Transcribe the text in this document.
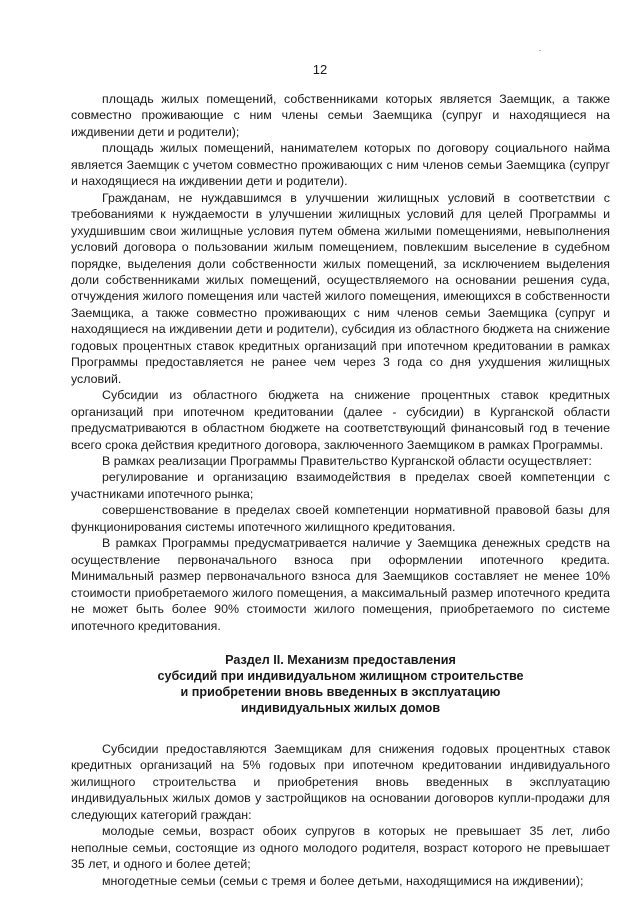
12

площадь жилых помещений, собственниками которых является Заемщик, а также совместно проживающие с ним члены семьи Заемщика (супруг и находящиеся на иждивении дети и родители);

площадь жилых помещений, нанимателем которых по договору социального найма является Заемщик с учетом совместно проживающих с ним членов семьи Заемщика (супруг и находящиеся на иждивении дети и родители).

Гражданам, не нуждавшимся в улучшении жилищных условий в соответствии с требованиями к нуждаемости в улучшении жилищных условий для целей Программы и ухудшившим свои жилищные условия путем обмена жилыми помещениями, невыполнения условий договора о пользовании жилым помещением, повлекшим выселение в судебном порядке, выделения доли собственности жилых помещений, за исключением выделения доли собственниками жилых помещений, осуществляемого на основании решения суда, отчуждения жилого помещения или частей жилого помещения, имеющихся в собственности Заемщика, а также совместно проживающих с ним членов семьи Заемщика (супруг и находящиеся на иждивении дети и родители), субсидия из областного бюджета на снижение годовых процентных ставок кредитных организаций при ипотечном кредитовании в рамках Программы предоставляется не ранее чем через 3 года со дня ухудшения жилищных условий.

Субсидии из областного бюджета на снижение процентных ставок кредитных организаций при ипотечном кредитовании (далее - субсидии) в Курганской области предусматриваются в областном бюджете на соответствующий финансовый год в течение всего срока действия кредитного договора, заключенного Заемщиком в рамках Программы.

В рамках реализации Программы Правительство Курганской области осуществляет:

регулирование и организацию взаимодействия в пределах своей компетенции с участниками ипотечного рынка;

совершенствование в пределах своей компетенции нормативной правовой базы для функционирования системы ипотечного жилищного кредитования.

В рамках Программы предусматривается наличие у Заемщика денежных средств на осуществление первоначального взноса при оформлении ипотечного кредита. Минимальный размер первоначального взноса для Заемщиков составляет не менее 10% стоимости приобретаемого жилого помещения, а максимальный размер ипотечного кредита не может быть более 90% стоимости жилого помещения, приобретаемого по системе ипотечного кредитования.

Раздел II. Механизм предоставления
субсидий при индивидуальном жилищном строительстве
и приобретении вновь введенных в эксплуатацию
индивидуальных жилых домов

Субсидии предоставляются Заемщикам для снижения годовых процентных ставок кредитных организаций на 5% годовых при ипотечном кредитовании индивидуального жилищного строительства и приобретения вновь введенных в эксплуатацию индивидуальных жилых домов у застройщиков на основании договоров купли-продажи для следующих категорий граждан:

молодые семьи, возраст обоих супругов в которых не превышает 35 лет, либо неполные семьи, состоящие из одного молодого родителя, возраст которого не превышает 35 лет, и одного и более детей;

многодетные семьи (семьи с тремя и более детьми, находящимися на иждивении);
